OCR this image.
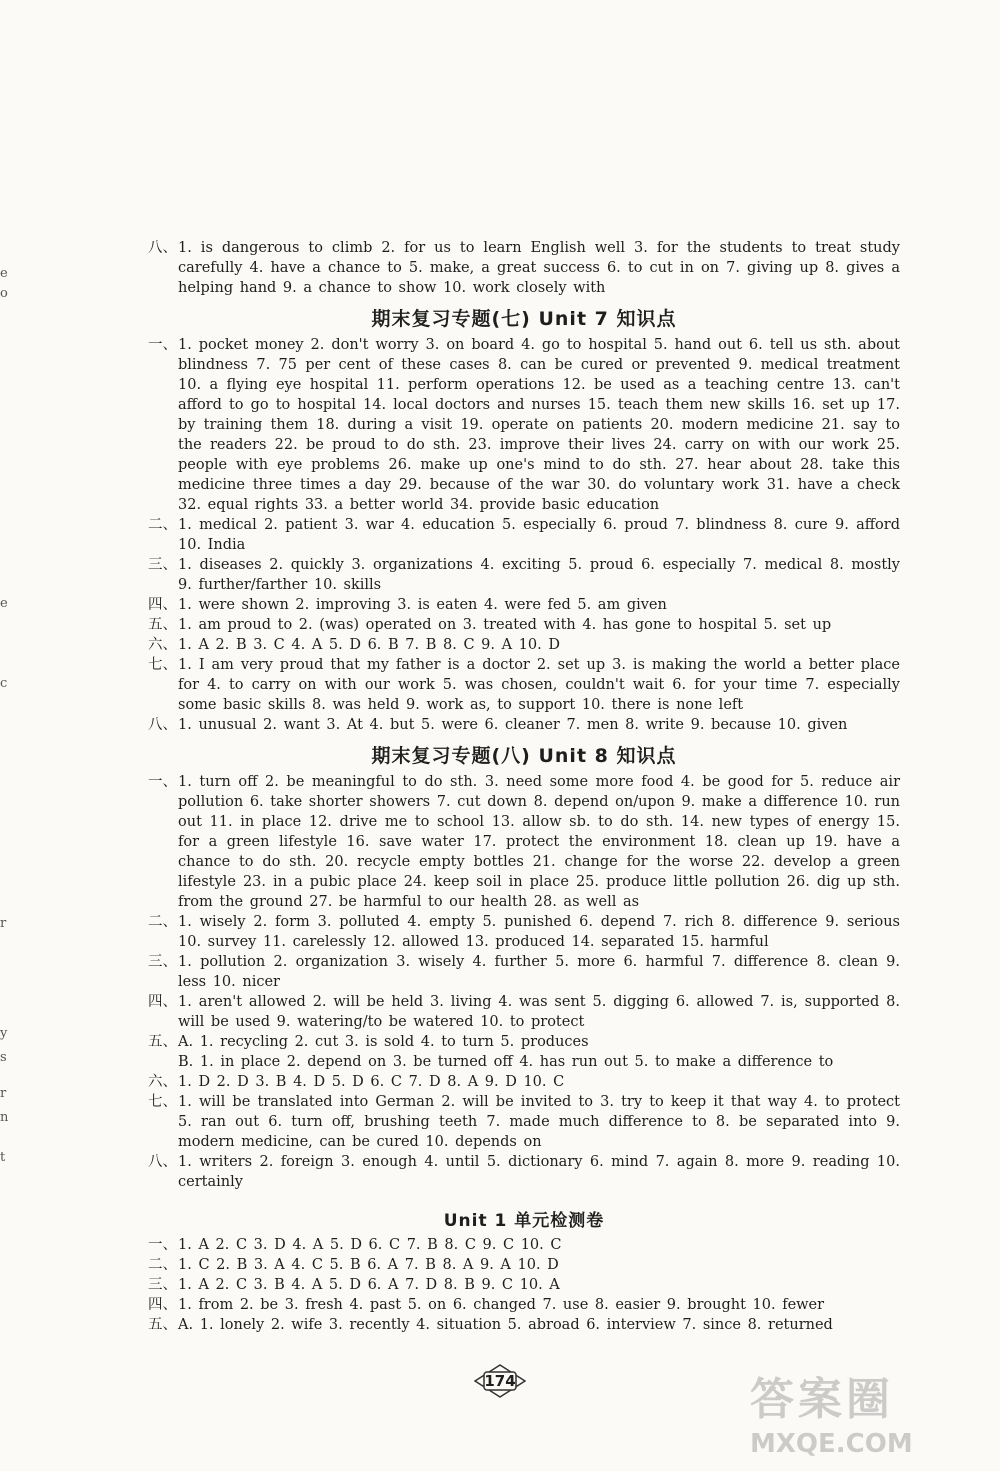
e
o
e
c
r
y
s
r
n
t
八、 1. is dangerous to climb 2. for us to learn English well 3. for the students to treat study carefully 4. have a chance to 5. make, a great success 6. to cut in on 7. giving up 8. gives a helping hand 9. a chance to show 10. work closely with
期末复习专题(七) Unit 7 知识点
一、 1. pocket money 2. don't worry 3. on board 4. go to hospital 5. hand out 6. tell us sth. about blindness 7. 75 per cent of these cases 8. can be cured or prevented 9. medical treatment 10. a flying eye hospital 11. perform operations 12. be used as a teaching centre 13. can't afford to go to hospital 14. local doctors and nurses 15. teach them new skills 16. set up 17. by training them 18. during a visit 19. operate on patients 20. modern medicine 21. say to the readers 22. be proud to do sth. 23. improve their lives 24. carry on with our work 25. people with eye problems 26. make up one's mind to do sth. 27. hear about 28. take this medicine three times a day 29. because of the war 30. do voluntary work 31. have a check 32. equal rights 33. a better world 34. provide basic education
二、 1. medical 2. patient 3. war 4. education 5. especially 6. proud 7. blindness 8. cure 9. afford 10. India
三、 1. diseases 2. quickly 3. organizations 4. exciting 5. proud 6. especially 7. medical 8. mostly 9. further/farther 10. skills
四、 1. were shown 2. improving 3. is eaten 4. were fed 5. am given
五、 1. am proud to 2. (was) operated on 3. treated with 4. has gone to hospital 5. set up
六、 1. A 2. B 3. C 4. A 5. D 6. B 7. B 8. C 9. A 10. D
七、 1. I am very proud that my father is a doctor 2. set up 3. is making the world a better place for 4. to carry on with our work 5. was chosen, couldn't wait 6. for your time 7. especially some basic skills 8. was held 9. work as, to support 10. there is none left
八、 1. unusual 2. want 3. At 4. but 5. were 6. cleaner 7. men 8. write 9. because 10. given
期末复习专题(八) Unit 8 知识点
一、 1. turn off 2. be meaningful to do sth. 3. need some more food 4. be good for 5. reduce air pollution 6. take shorter showers 7. cut down 8. depend on/upon 9. make a difference 10. run out 11. in place 12. drive me to school 13. allow sb. to do sth. 14. new types of energy 15. for a green lifestyle 16. save water 17. protect the environment 18. clean up 19. have a chance to do sth. 20. recycle empty bottles 21. change for the worse 22. develop a green lifestyle 23. in a pubic place 24. keep soil in place 25. produce little pollution 26. dig up sth. from the ground 27. be harmful to our health 28. as well as
二、 1. wisely 2. form 3. polluted 4. empty 5. punished 6. depend 7. rich 8. difference 9. serious 10. survey 11. carelessly 12. allowed 13. produced 14. separated 15. harmful
三、 1. pollution 2. organization 3. wisely 4. further 5. more 6. harmful 7. difference 8. clean 9. less 10. nicer
四、 1. aren't allowed 2. will be held 3. living 4. was sent 5. digging 6. allowed 7. is, supported 8. will be used 9. watering/to be watered 10. to protect
五、 A. 1. recycling 2. cut 3. is sold 4. to turn 5. produces
B. 1. in place 2. depend on 3. be turned off 4. has run out 5. to make a difference to
六、 1. D 2. D 3. B 4. D 5. D 6. C 7. D 8. A 9. D 10. C
七、 1. will be translated into German 2. will be invited to 3. try to keep it that way 4. to protect 5. ran out 6. turn off, brushing teeth 7. made much difference to 8. be separated into 9. modern medicine, can be cured 10. depends on
八、 1. writers 2. foreign 3. enough 4. until 5. dictionary 6. mind 7. again 8. more 9. reading 10. certainly
Unit 1 单元检测卷
一、 1. A 2. C 3. D 4. A 5. D 6. C 7. B 8. C 9. C 10. C
二、 1. C 2. B 3. A 4. C 5. B 6. A 7. B 8. A 9. A 10. D
三、 1. A 2. C 3. B 4. A 5. D 6. A 7. D 8. B 9. C 10. A
四、 1. from 2. be 3. fresh 4. past 5. on 6. changed 7. use 8. easier 9. brought 10. fewer
五、 A. 1. lonely 2. wife 3. recently 4. situation 5. abroad 6. interview 7. since 8. returned
174	答案圈
MXQE.COM
